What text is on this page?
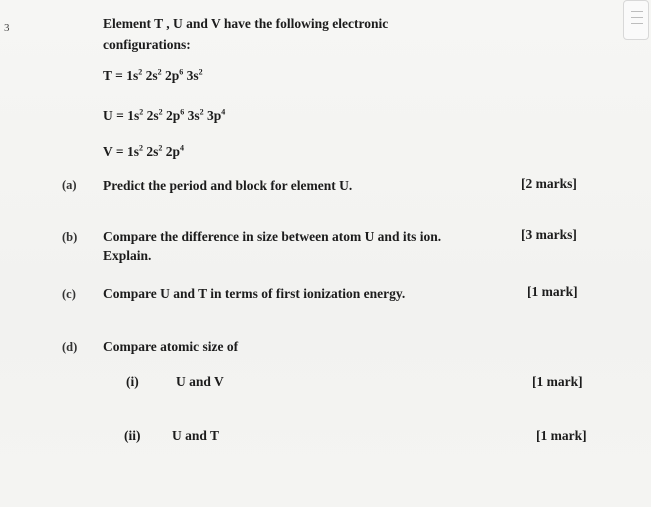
3	Element T , U and V have the following electronic configurations:
$T = 1s^2$ $2s^2$ $2p^6$ $3s^2$
$U = 1s^2$ $2s^2$ $2p^6$ $3s^2$ $3p^4$
$V = 1s^2$ $2s^2$ $2p^4$
(a) Predict the period and block for element U.	[2 marks]
(b) Compare the difference in size between atom U and its ion. Explain.
[3 marks]
(c) Compare U and T in terms of first ionization energy.	[1 mark]
(d) Compare atomic size of
(i)	U and V	[1 mark]
(ii) U and T	[1 mark]
